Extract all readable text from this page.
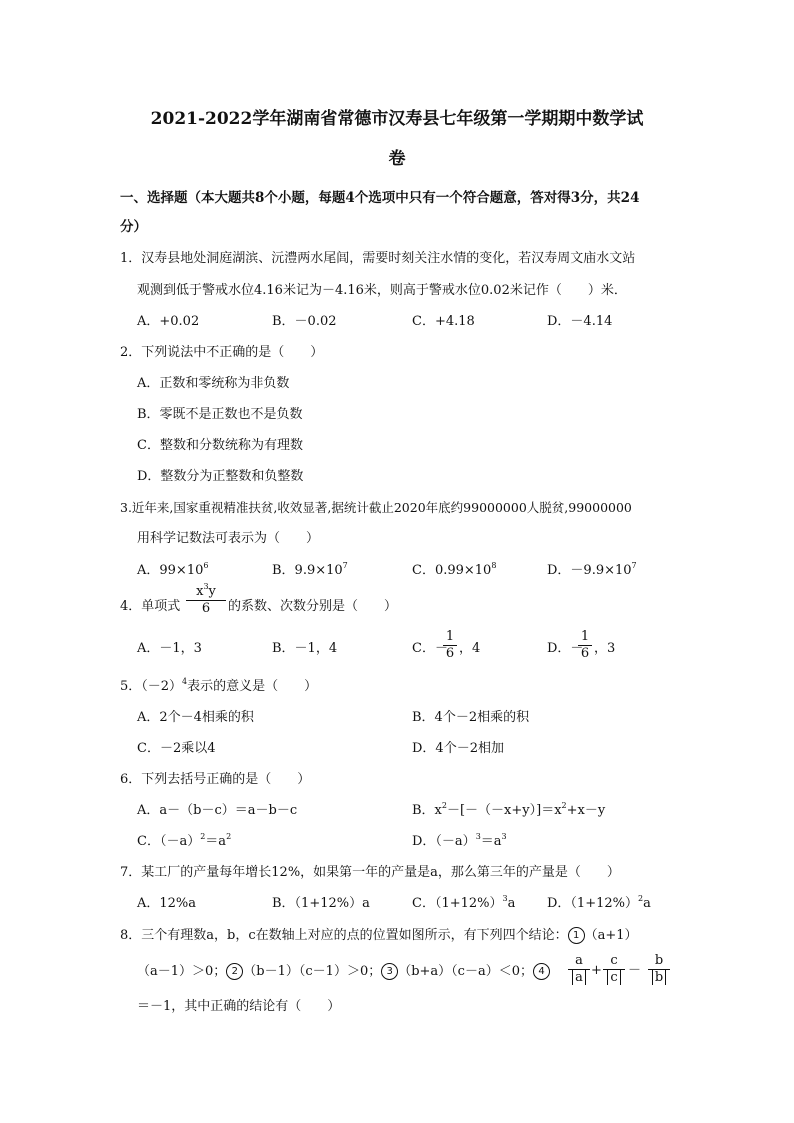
2021-2022学年湖南省常德市汉寿县七年级第一学期期中数学试
卷
一、选择题（本大题共8个小题，每题4个选项中只有一个符合题意，答对得3分，共24
分）
1．汉寿县地处洞庭湖滨、沅澧两水尾闾，需要时刻关注水情的变化，若汉寿周文庙水文站
观测到低于警戒水位4.16米记为－4.16米，则高于警戒水位0.02米记作（　　）米．
A．+0.02	B．－0.02	C．+4.18	D．－4.14
2．下列说法中不正确的是（　　）
A．正数和零统称为非负数
B．零既不是正数也不是负数
C．整数和分数统称为有理数
D．整数分为正整数和负整数
3.近年来,国家重视精准扶贫,收效显著,据统计截止2020年底约99000000人脱贫,99000000
用科学记数法可表示为（　　）
A．$99\times 10^6$	B．$9.9\times 10^7$	C．$0.99\times 10^8$	D．$-9.9\times 10^7$
4．单项式 $\frac{x^3y}{6}$ 的系数、次数分别是（　　）
A．－1，3	B．－1，4	C．－
$\frac{1}{6}$ ，4	D．－
$\frac{1}{6}$ ，3
5．$(-2)^4$表示的意义是（　　）
A．2个－4相乘的积	B．4个－2相乘的积
C．－2乘以4	D．4个－2相加
6．下列去括号正确的是（　　）
A．a－（b－c）＝a－b－c	B．$x^2-[-(-x+y)]=x^2+x-y$
C．$(-a)^2=a^2$	D．$(-a)^3=a^3$
7．某工厂的产量每年增长12%，如果第一年的产量是a，那么第三年的产量是（　　）
A．12%a	B．（1+12%）a	C．$(1+12\%)^3a$ D．$(1+12\%)^2a$
8．三个有理数a，b，c在数轴上对应的点的位置如图所示，有下列四个结论： 1 （a+1）
（a－1）＞0； 2 （b－1）（c－1）＞0； 3 （b+a）（c－a）＜0； 4	$\frac{a}{a} + \frac{c}{c} - \frac{b}{b}$
＝－1，其中正确的结论有（　　）
